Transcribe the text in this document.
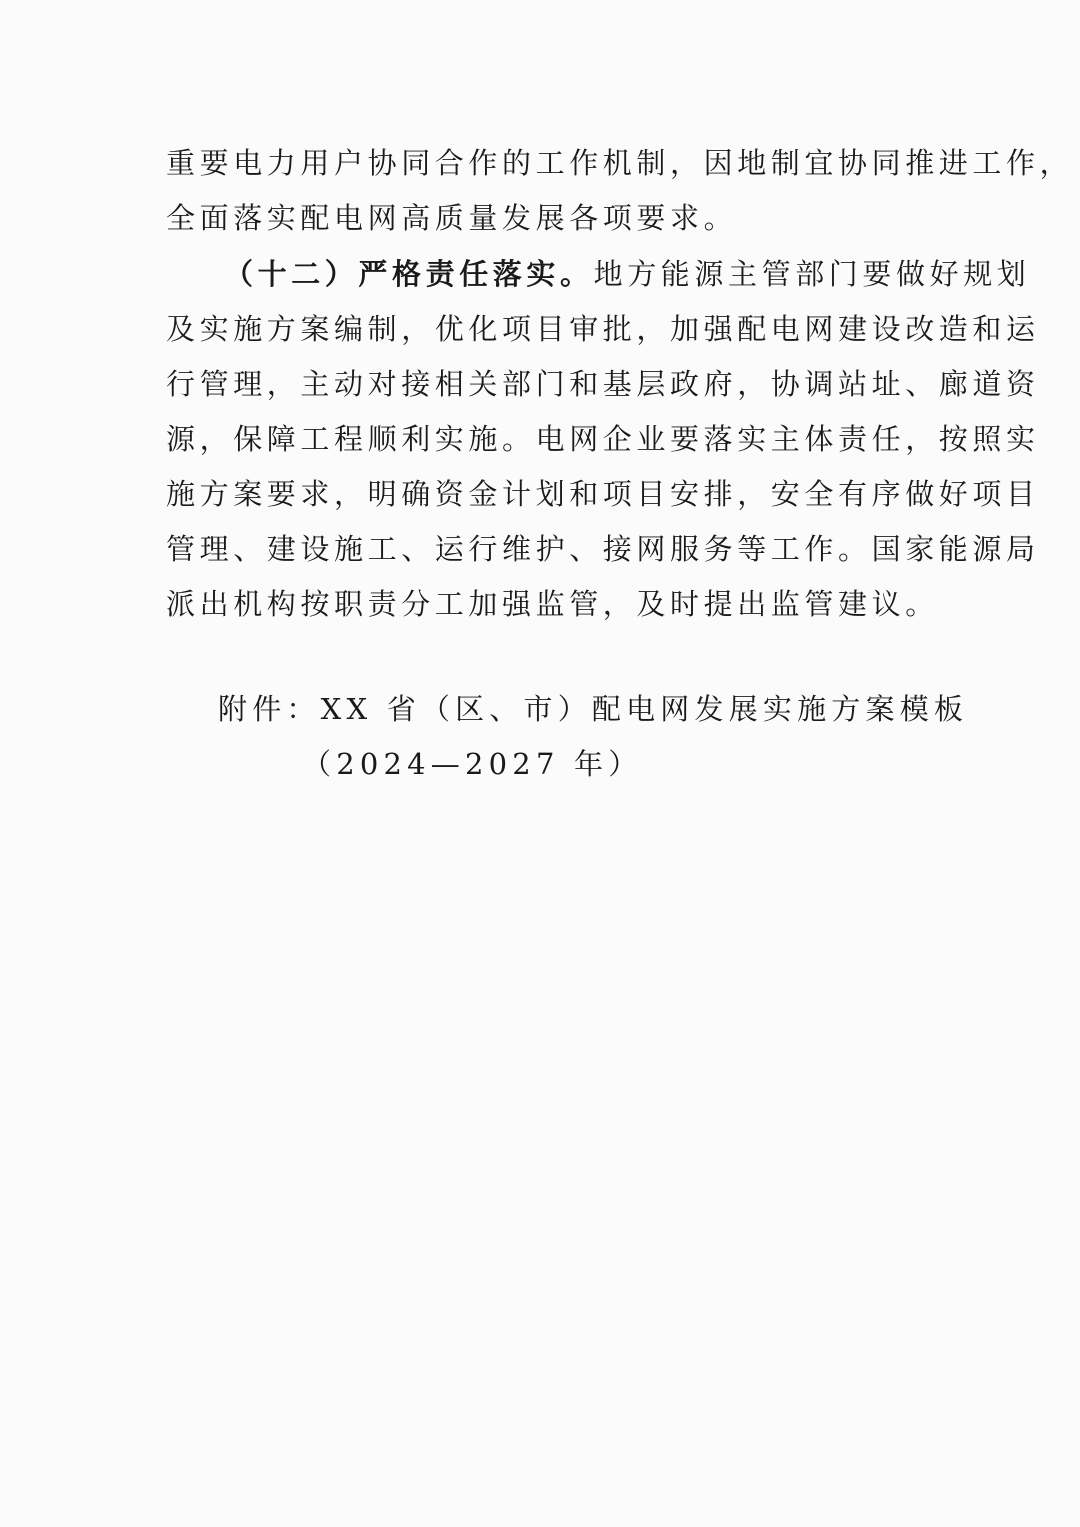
重要电力用户协同合作的工作机制，因地制宜协同推进工作，
全面落实配电网高质量发展各项要求。
（十二）严格责任落实。地方能源主管部门要做好规划
及实施方案编制，优化项目审批，加强配电网建设改造和运
行管理，主动对接相关部门和基层政府，协调站址、廊道资
源，保障工程顺利实施。电网企业要落实主体责任，按照实
施方案要求，明确资金计划和项目安排，安全有序做好项目
管理、建设施工、运行维护、接网服务等工作。国家能源局
派出机构按职责分工加强监管，及时提出监管建议。
附件：XX 省（区、市）配电网发展实施方案模板
（2024—2027 年）
